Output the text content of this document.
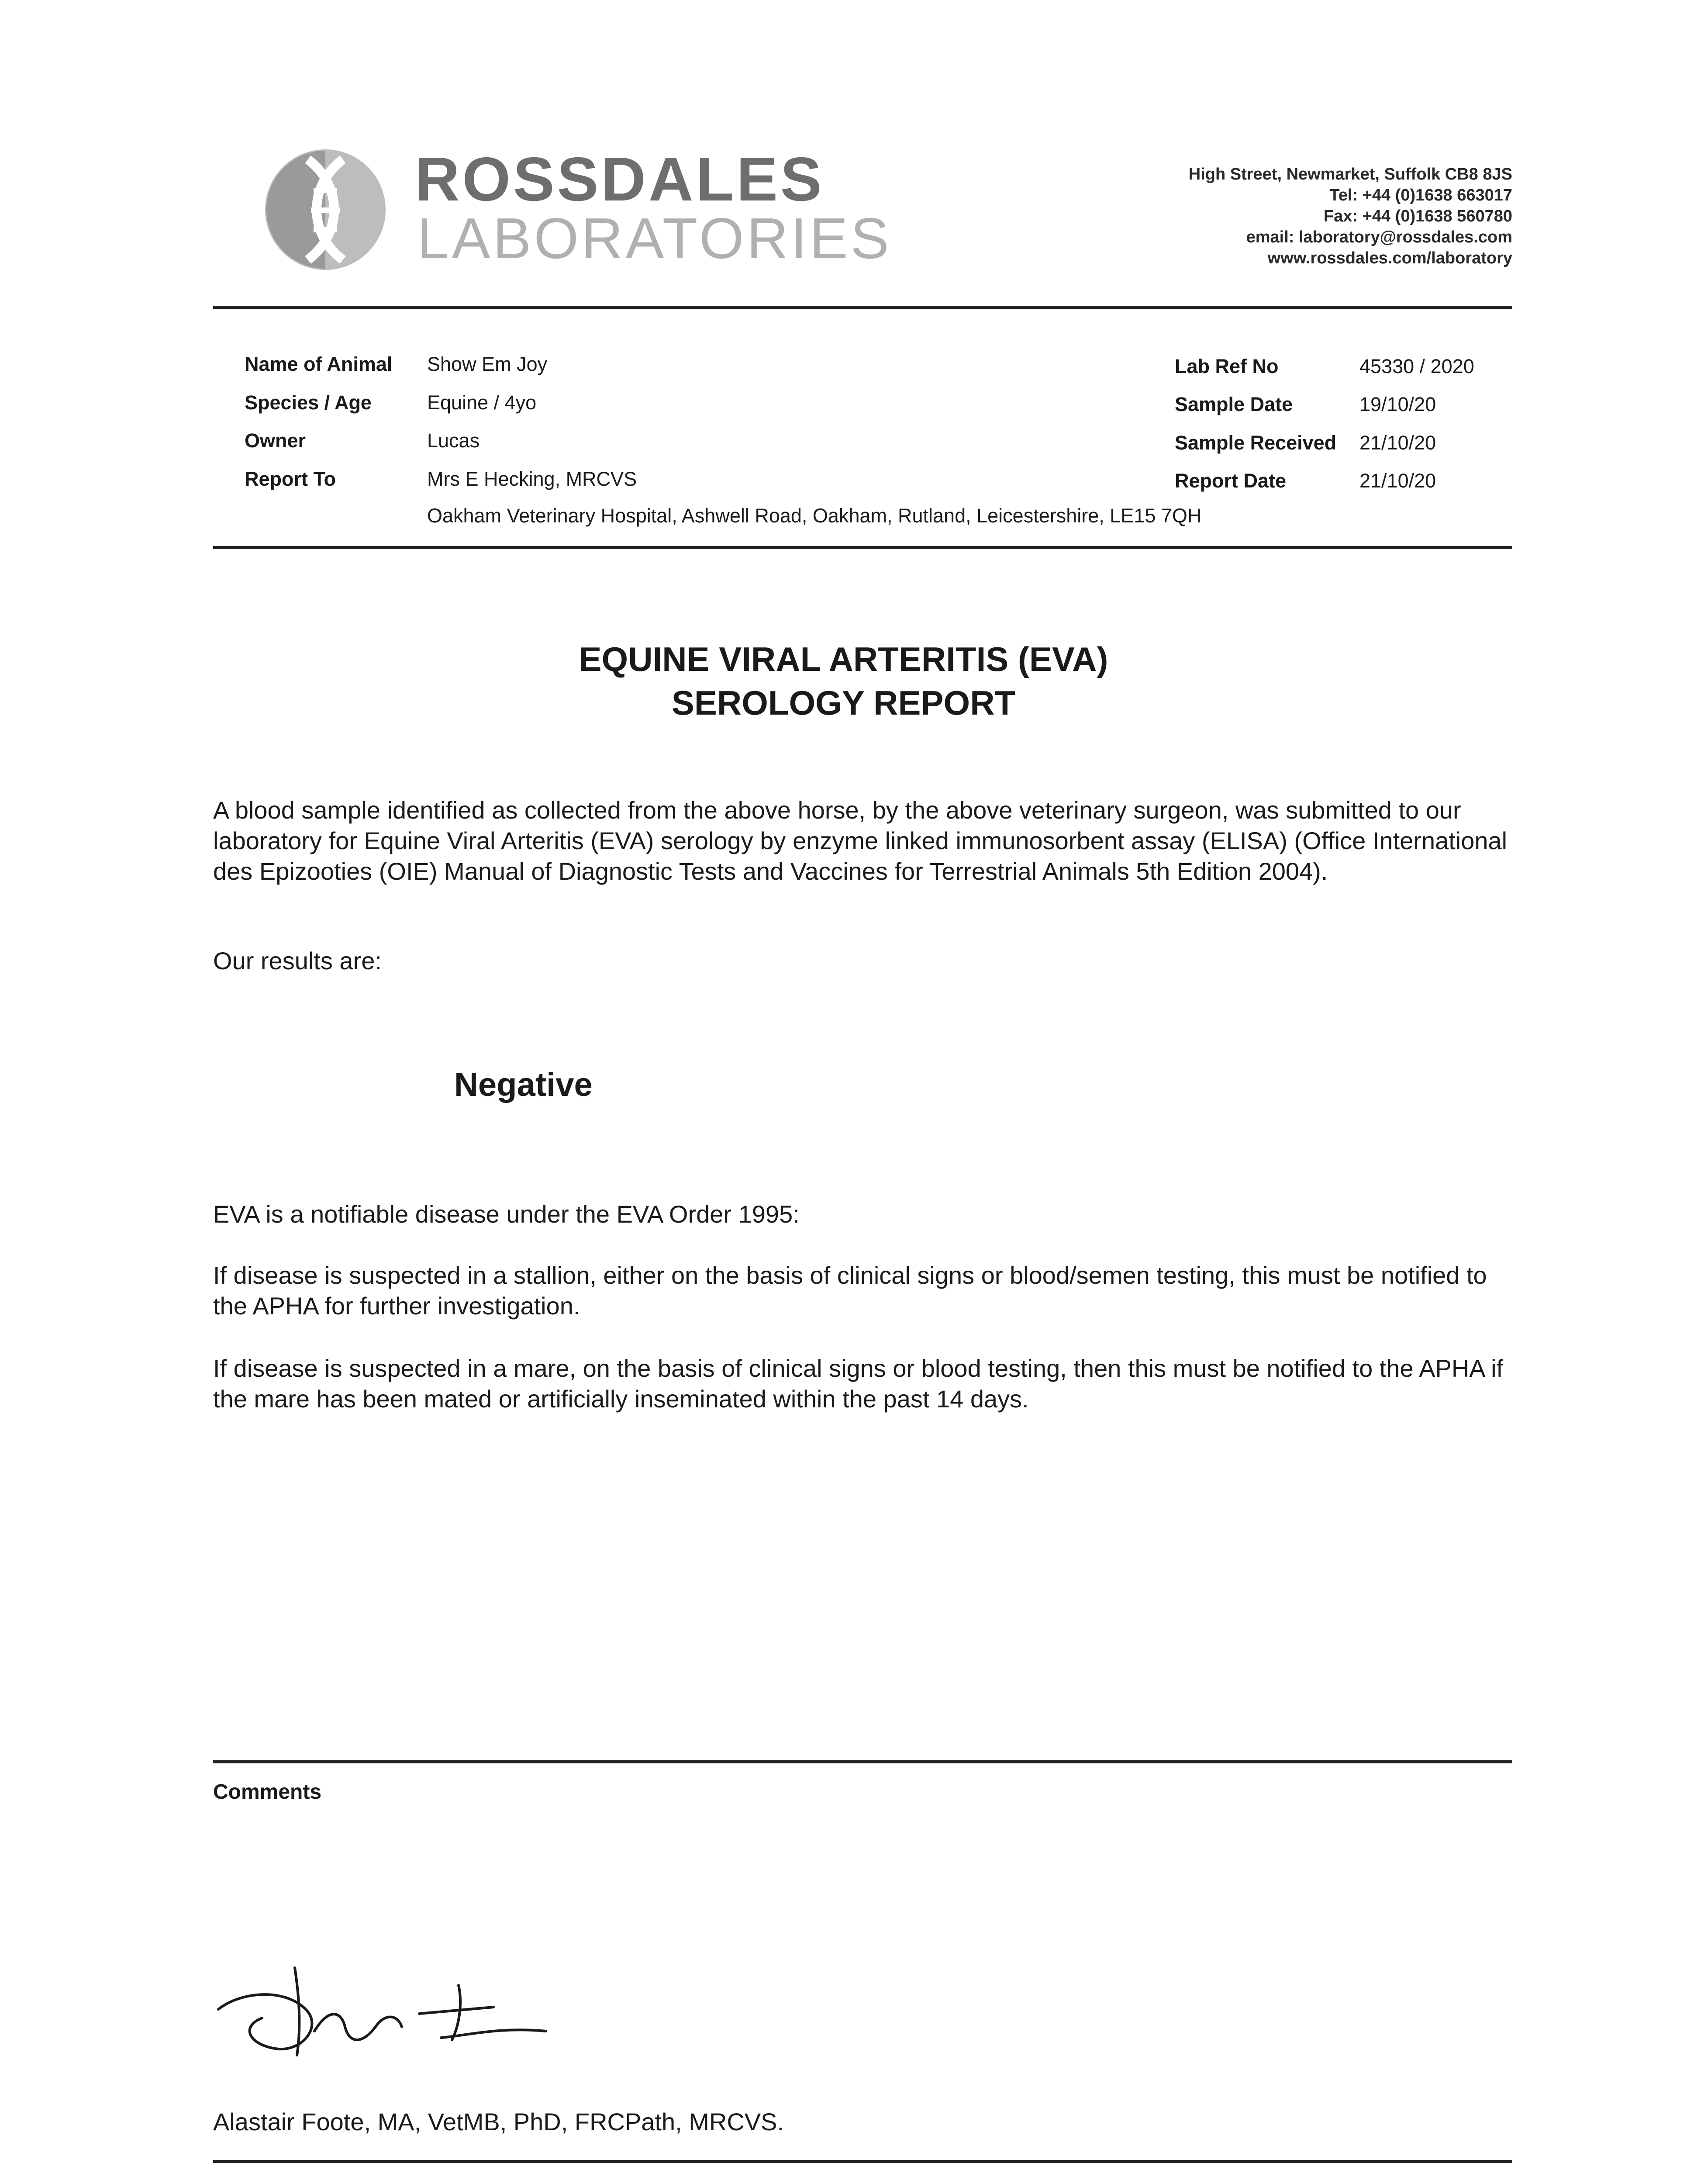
ROSSDALES
LABORATORIES
High Street, Newmarket, Suffolk CB8 8JS
Tel: +44 (0)1638 663017
Fax: +44 (0)1638 560780
email: laboratory@rossdales.com
www.rossdales.com/laboratory
Name of Animal Show Em Joy
Species / Age	Equine / 4yo
Owner	Lucas
Report To	Mrs E Hecking, MRCVS
Oakham Veterinary Hospital, Ashwell Road, Oakham, Rutland, Leicestershire, LE15 7QH
Lab Ref No	45330 / 2020
Sample Date	19/10/20
Sample Received 21/10/20
Report Date	21/10/20
EQUINE VIRAL ARTERITIS (EVA)
SEROLOGY REPORT
A blood sample identified as collected from the above horse, by the above veterinary surgeon, was submitted to our laboratory for Equine Viral Arteritis (EVA) serology by enzyme linked immunosorbent assay (ELISA) (Office International des Epizooties (OIE) Manual of Diagnostic Tests and Vaccines for Terrestrial Animals 5th Edition 2004).
Our results are:
Negative
EVA is a notifiable disease under the EVA Order 1995:
If disease is suspected in a stallion, either on the basis of clinical signs or blood/semen testing, this must be notified to the APHA for further investigation.
If disease is suspected in a mare, on the basis of clinical signs or blood testing, then this must be notified to the APHA if the mare has been mated or artificially inseminated within the past 14 days.
Comments
Alastair Foote, MA, VetMB, PhD, FRCPath, MRCVS.
